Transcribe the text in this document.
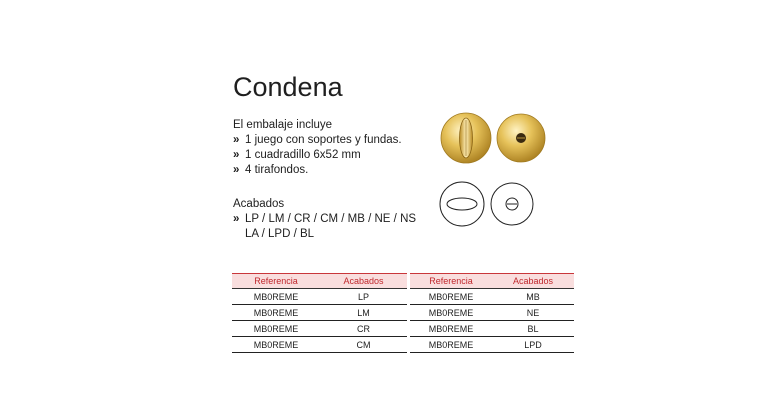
Condena
El embalaje incluye
» 1 juego con soportes y fundas.
» 1 cuadradillo 6x52 mm
» 4 tirafondos.
Acabados
» LP / LM / CR / CM / MB / NE / NS
LA / LPD / BL
Referencia	Acabados
MB0REME	LP
MB0REME	LM
MB0REME	CR
MB0REME	CM
Referencia	Acabados
MB0REME	MB
MB0REME	NE
MB0REME	BL
MB0REME	LPD
